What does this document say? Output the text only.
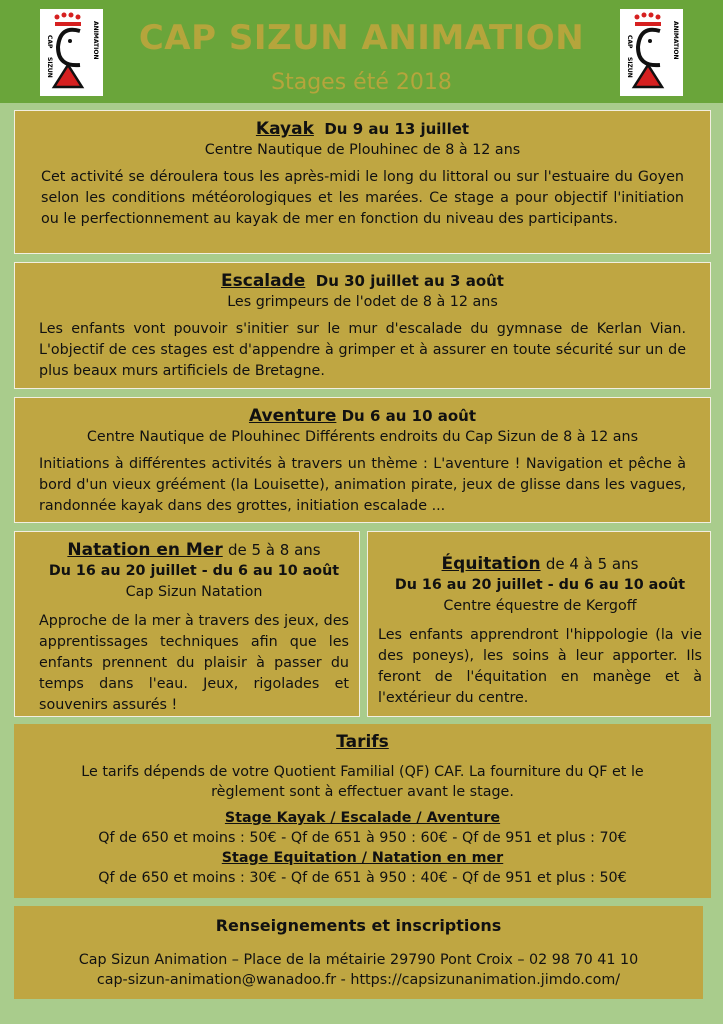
CAP
SIZUN
ANIMATION	CAP SIZUN ANIMATION
Stages été 2018
CAP
SIZUN
ANIMATION
Kayak Du 9 au 13 juillet
Centre Nautique de Plouhinec de 8 à 12 ans

Cet activité se déroulera tous les après-midi le long du littoral ou sur l'estuaire du Goyen selon les conditions météorologiques et les marées. Ce stage a pour objectif l'initiation ou le perfectionnement au kayak de mer en fonction du niveau des participants.

Escalade Du 30 juillet au 3 août
Les grimpeurs de l'odet de 8 à 12 ans

Les enfants vont pouvoir s'initier sur le mur d'escalade du gymnase de Kerlan Vian. L'objectif de ces stages est d'appendre à grimper et à assurer en toute sécurité sur un de plus beaux murs artificiels de Bretagne.

Aventure Du 6 au 10 août
Centre Nautique de Plouhinec Différents endroits du Cap Sizun de 8 à 12 ans

Initiations à différentes activités à travers un thème : L'aventure ! Navigation et pêche à bord d'un vieux gréément (la Louisette), animation pirate, jeux de glisse dans les vagues, randonnée kayak dans des grottes, initiation escalade ...

Natation en Mer de 5 à 8 ans
Du 16 au 20 juillet - du 6 au 10 août
Cap Sizun Natation

Approche de la mer à travers des jeux, des apprentissages techniques afin que les enfants prennent du plaisir à passer du temps dans l'eau. Jeux, rigolades et souvenirs assurés !

Équitation de 4 à 5 ans
Du 16 au 20 juillet - du 6 au 10 août
Centre équestre de Kergoff

Les enfants apprendront l'hippologie (la vie des poneys), les soins à leur apporter. Ils feront de l'équitation en manège et à l'extérieur du centre.

Tarifs
Le tarifs dépends de votre Quotient Familial (QF) CAF. La fourniture du QF et le
règlement sont à effectuer avant le stage.
Stage Kayak / Escalade / Aventure
Qf de 650 et moins : 50€ - Qf de 651 à 950 : 60€ - Qf de 951 et plus : 70€
Stage Equitation / Natation en mer
Qf de 650 et moins : 30€ - Qf de 651 à 950 : 40€ - Qf de 951 et plus : 50€
Renseignements et inscriptions
Cap Sizun Animation – Place de la métairie 29790 Pont Croix – 02 98 70 41 10
cap-sizun-animation@wanadoo.fr - https://capsizunanimation.jimdo.com/
